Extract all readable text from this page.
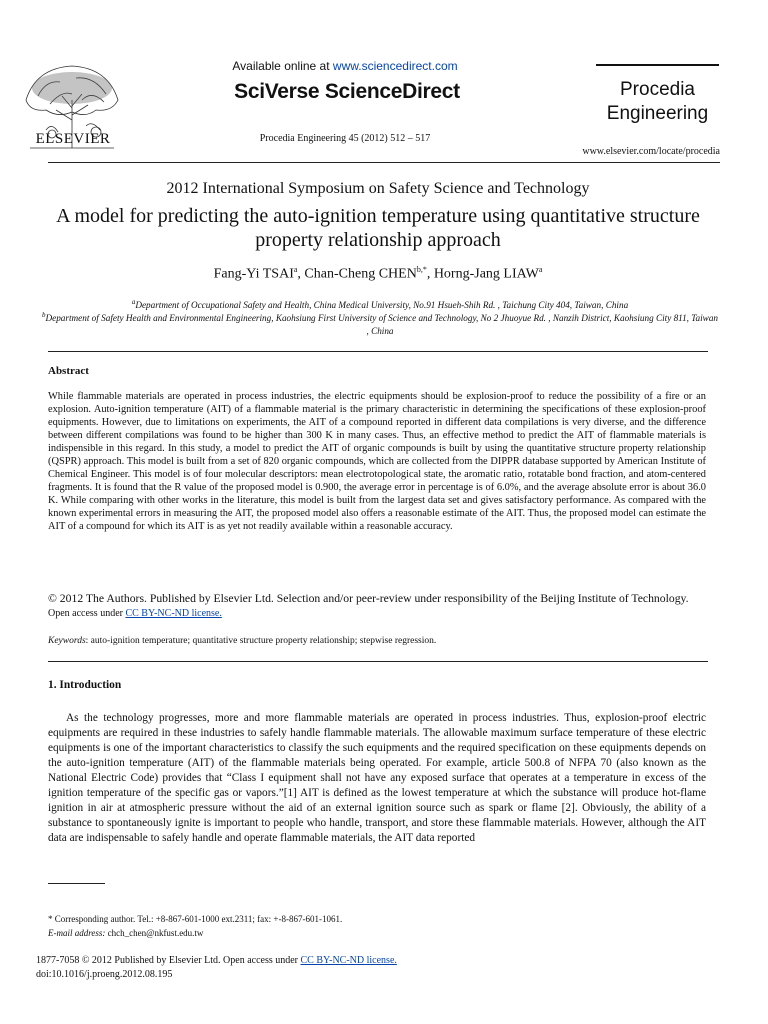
ELSEVIER
Available online at www.sciencedirect.com
SciVerse ScienceDirect
Procedia Engineering 45 (2012) 512 – 517
Procedia
Engineering
www.elsevier.com/locate/procedia
2012 International Symposium on Safety Science and Technology
A model for predicting the auto-ignition temperature using quantitative structure property relationship approach
Fang-Yi TSAI$^a$, Chan-Cheng $CHEN^{b,*}$, Horng-Jang LIAW$^a$
$^a$Department of Occupational Safety and Health, China Medical University, No.91 Hsueh-Shih Rd. , Taichung City 404, Taiwan, China
$^b$Department of Safety Health and Environmental Engineering, Kaohsiung First University of Science and Technology, No 2 Jhuoyue Rd. , Nanzih District, Kaohsiung City 811, Taiwan , China
Abstract
While flammable materials are operated in process industries, the electric equipments should be explosion-proof to reduce the possibility of a fire or an explosion. Auto-ignition temperature (AIT) of a flammable material is the primary characteristic in determining the specifications of these explosion-proof equipments. However, due to limitations on experiments, the AIT of a compound reported in different data compilations is very diverse, and the difference between different compilations was found to be higher than 300 K in many cases. Thus, an effective method to predict the AIT of flammable materials is indispensible in this regard. In this study, a model to predict the AIT of organic compounds is built by using the quantitative structure property relationship (QSPR) approach. This model is built from a set of 820 organic compounds, which are collected from the DIPPR database supported by American Institute of Chemical Engineer. This model is of four molecular descriptors: mean electrotopological state, the aromatic ratio, rotatable bond fraction, and atom-centered fragments. It is found that the R value of the proposed model is 0.900, the average error in percentage is of 6.0%, and the average absolute error is about 36.0 K. While comparing with other works in the literature, this model is built from the largest data set and gives satisfactory performance. As compared with the known experimental errors in measuring the AIT, the proposed model also offers a reasonable estimate of the AIT. Thus, the proposed model can estimate the AIT of a compound for which its AIT is as yet not readily available within a reasonable accuracy.
© 2012 The Authors. Published by Elsevier Ltd. Selection and/or peer-review under responsibility of the Beijing Institute of Technology. Open access under CC BY-NC-ND license.
Keywords: auto-ignition temperature; quantitative structure property relationship; stepwise regression.
1. Introduction
As the technology progresses, more and more flammable materials are operated in process industries. Thus, explosion-proof electric equipments are required in these industries to safely handle flammable materials. The allowable maximum surface temperature of these electric equipments is one of the important characteristics to classify the such equipments and the required specification on these equipments depends on the auto-ignition temperature (AIT) of the flammable materials being operated. For example, article 500.8 of NFPA 70 (also known as the National Electric Code) provides that “Class I equipment shall not have any exposed surface that operates at a temperature in excess of the ignition temperature of the specific gas or vapors.”[1] AIT is defined as the lowest temperature at which the substance will produce hot-flame ignition in air at atmospheric pressure without the aid of an external ignition source such as spark or flame [2]. Obviously, the ability of a substance to spontaneously ignite is important to people who handle, transport, and store these flammable materials. However, although the AIT data are indispensable to safely handle and operate flammable materials, the AIT data reported
* Corresponding author. Tel.: +8-867-601-1000 ext.2311; fax: +-8-867-601-1061.
E-mail address: chch_chen@nkfust.edu.tw
1877-7058 © 2012 Published by Elsevier Ltd. Open access under CC BY-NC-ND license.
doi:10.1016/j.proeng.2012.08.195
